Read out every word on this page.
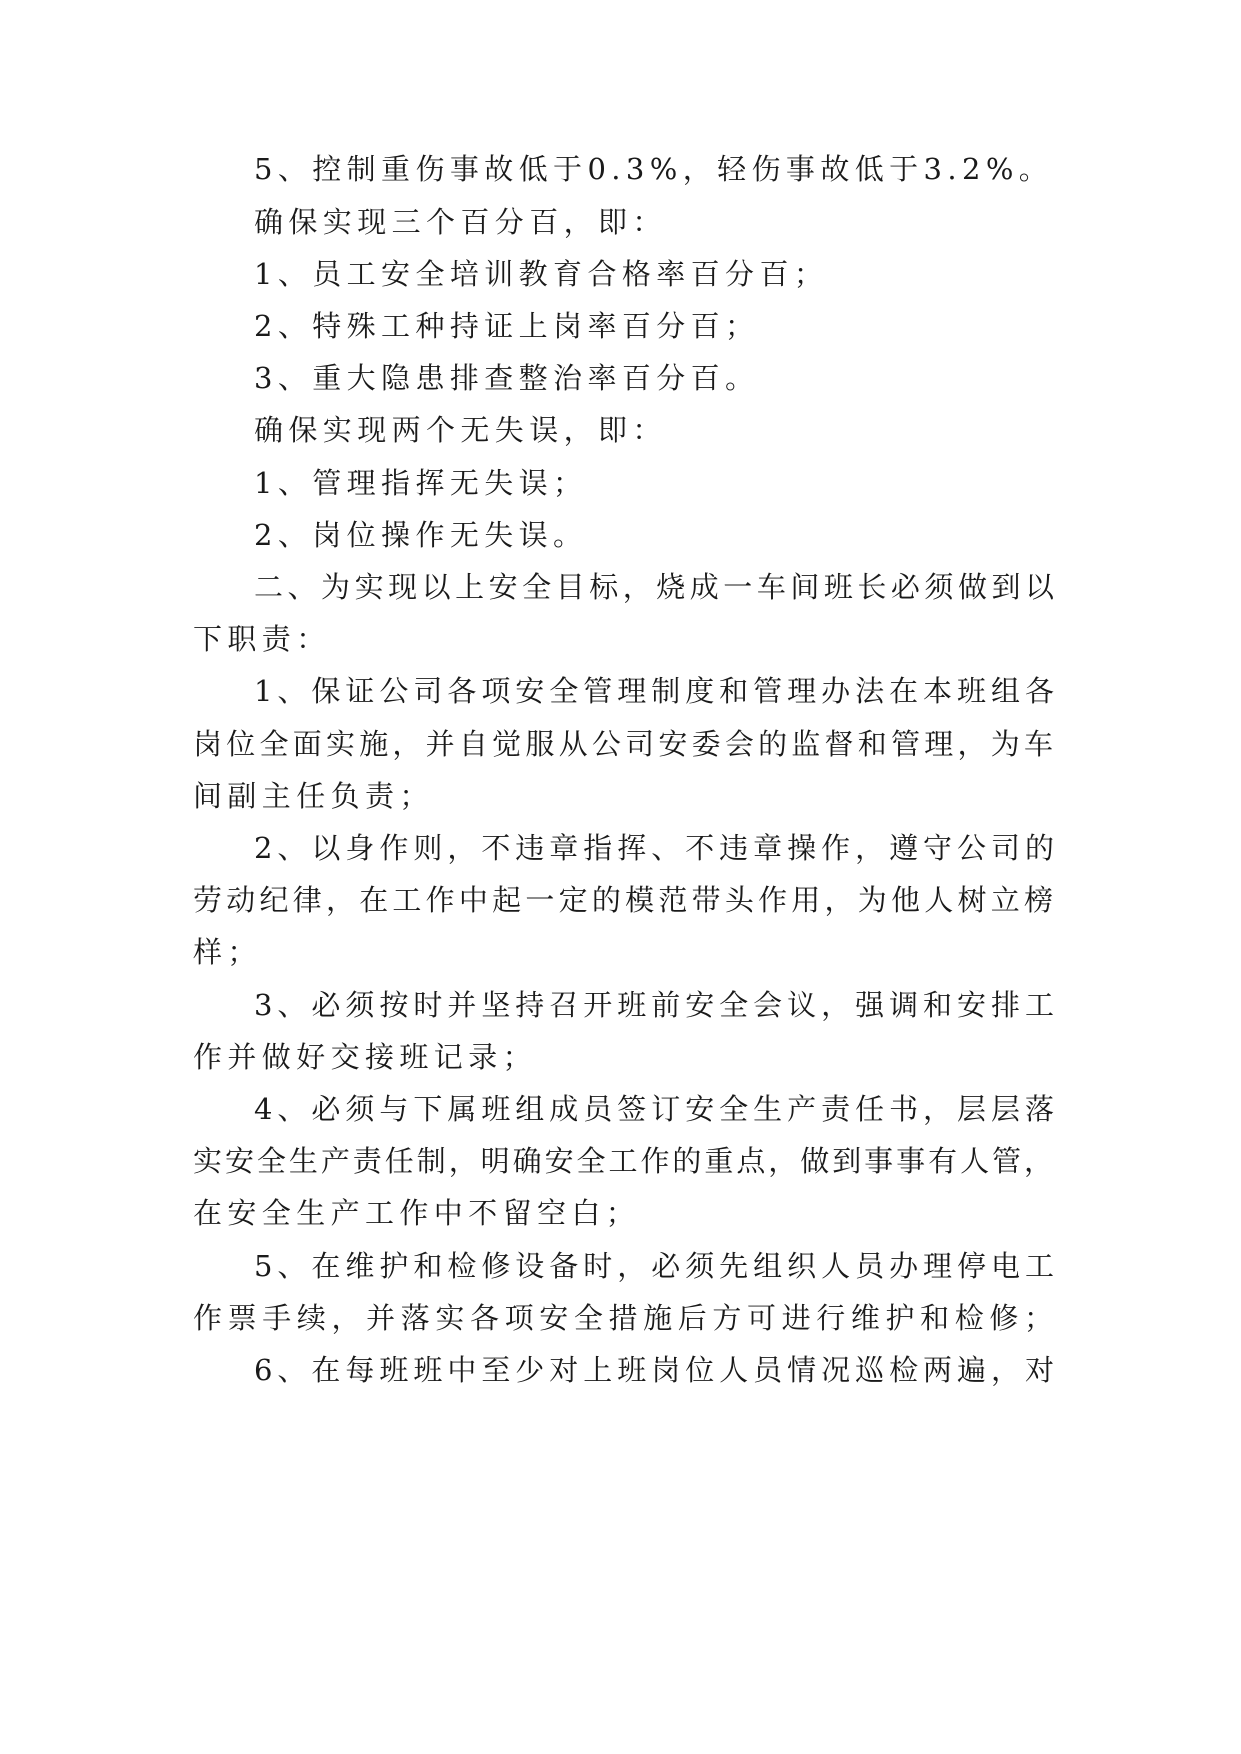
5、控制重伤事故低于0.3%，轻伤事故低于3.2%。
确保实现三个百分百，即：
1、员工安全培训教育合格率百分百；
2、特殊工种持证上岗率百分百；
3、重大隐患排查整治率百分百。
确保实现两个无失误，即：
1、管理指挥无失误；
2、岗位操作无失误。
二、为实现以上安全目标，烧成一车间班长必须做到以
下职责：
1、保证公司各项安全管理制度和管理办法在本班组各
岗位全面实施，并自觉服从公司安委会的监督和管理，为车
间副主任负责；
2、以身作则，不违章指挥、不违章操作，遵守公司的
劳动纪律，在工作中起一定的模范带头作用，为他人树立榜
样；
3、必须按时并坚持召开班前安全会议，强调和安排工
作并做好交接班记录；
4、必须与下属班组成员签订安全生产责任书，层层落
实安全生产责任制，明确安全工作的重点，做到事事有人管，
在安全生产工作中不留空白；
5、在维护和检修设备时，必须先组织人员办理停电工
作票手续，并落实各项安全措施后方可进行维护和检修；
6、在每班班中至少对上班岗位人员情况巡检两遍，对
